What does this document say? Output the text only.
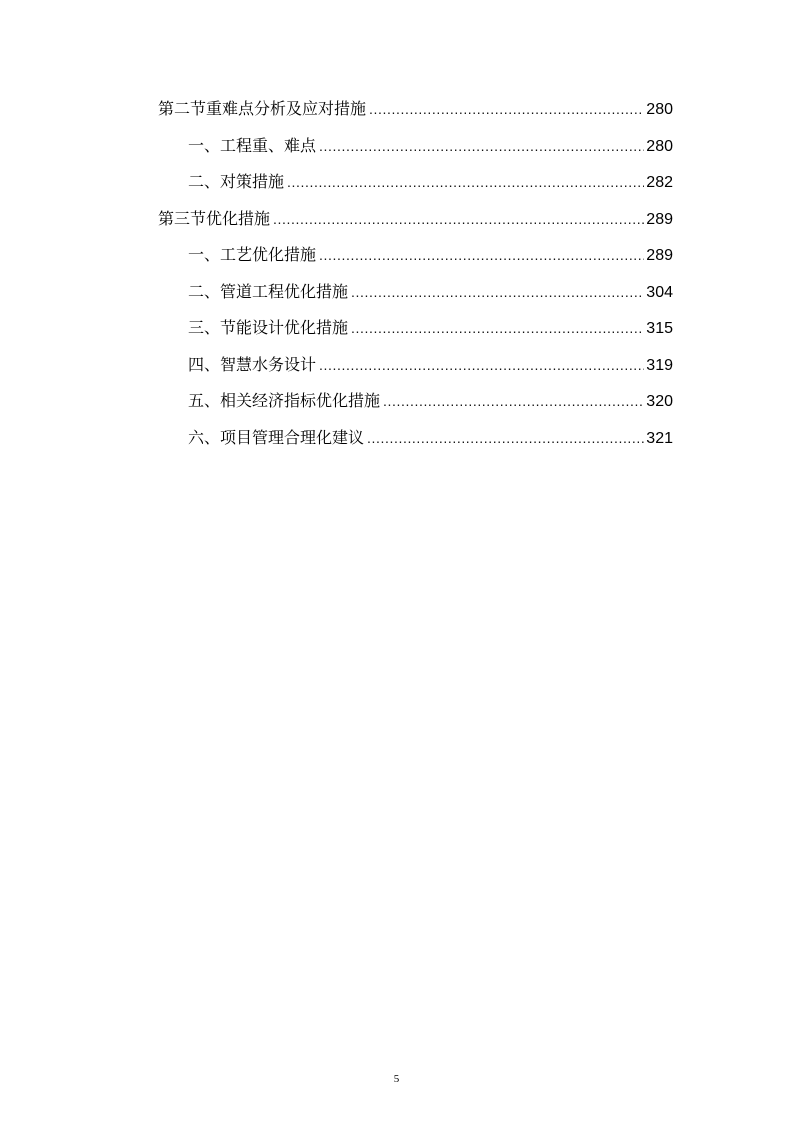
第二节 重难点分析及应对措施 .....	280
一、 工程重、难点 .....	280
二、 对策措施 .....	282
第三节 优化措施 .....	289
一、 工艺优化措施 .....	289
二、 管道工程优化措施 .....	304
三、 节能设计优化措施 .....	315
四、 智慧水务设计 .....	319
五、 相关经济指标优化措施 .....	320
六、 项目管理合理化建议 .....	321
5
